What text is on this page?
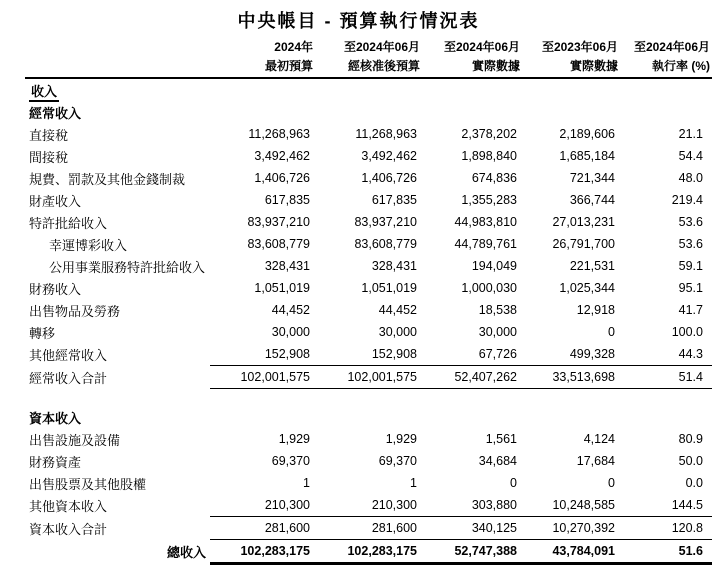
中央帳目 - 預算執行情況表
	2024年	至2024年06月	至2024年06月	至2023年06月	至2024年06月
	最初預算	經核准後預算	實際數據	實際數據	執行率 (%)
收入					
經常收入					
直接稅	11,268,963	11,268,963	2,378,202	2,189,606	21.1
間接稅	3,492,462	3,492,462	1,898,840	1,685,184	54.4
規費、罰款及其他金錢制裁	1,406,726	1,406,726	674,836	721,344	48.0
財產收入	617,835	617,835	1,355,283	366,744	219.4
特許批給收入	83,937,210	83,937,210	44,983,810	27,013,231	53.6
幸運博彩收入	83,608,779	83,608,779	44,789,761	26,791,700	53.6
公用事業服務特許批給收入	328,431	328,431	194,049	221,531	59.1
財務收入	1,051,019	1,051,019	1,000,030	1,025,344	95.1
出售物品及勞務	44,452	44,452	18,538	12,918	41.7
轉移	30,000	30,000	30,000	0	100.0
其他經常收入	152,908	152,908	67,726	499,328	44.3
經常收入合計	102,001,575	102,001,575	52,407,262	33,513,698	51.4

資本收入					
出售設施及設備	1,929	1,929	1,561	4,124	80.9
財務資產	69,370	69,370	34,684	17,684	50.0
出售股票及其他股權	1	1	0	0	0.0
其他資本收入	210,300	210,300	303,880	10,248,585	144.5
資本收入合計	281,600	281,600	340,125	10,270,392	120.8
總收入	102,283,175	102,283,175	52,747,388	43,784,091	51.6
